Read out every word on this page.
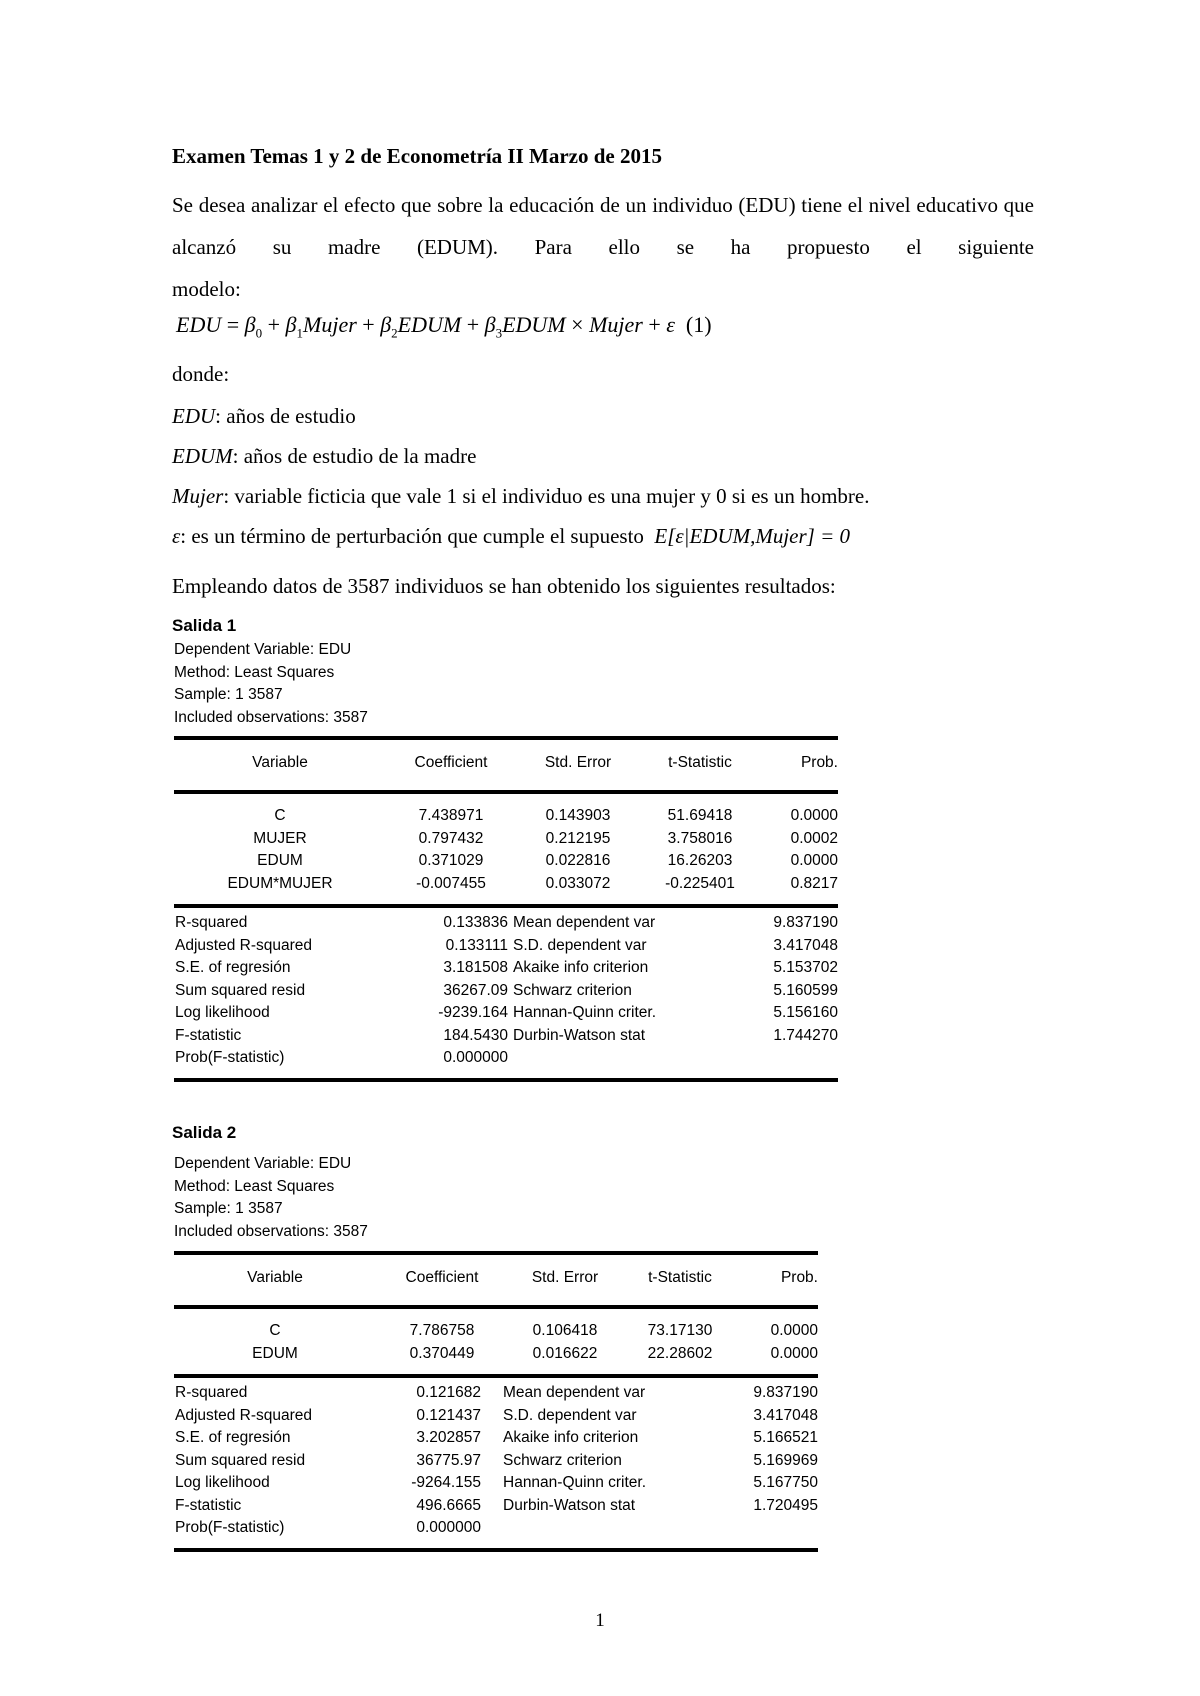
Examen Temas 1 y 2 de Econometría II Marzo de 2015
Se desea analizar el efecto que sobre la educación de un individuo (EDU) tiene el nivel educativo que alcanzó su madre (EDUM). Para ello se ha propuesto el siguiente
modelo:
EDU = $\beta_0$ + $\beta_1Mujer$ + $\beta_2EDUM$ + $\beta_3EDUM$ × Mujer + ε (1)
donde:
EDU: años de estudio
EDUM: años de estudio de la madre
Mujer: variable ficticia que vale 1 si el individuo es una mujer y 0 si es un hombre.
ε: es un término de perturbación que cumple el supuesto E[ε|EDUM,Mujer] = 0
Empleando datos de 3587 individuos se han obtenido los siguientes resultados:
Salida 1
Dependent Variable: EDU
Method: Least Squares
Sample: 1 3587
Included observations: 3587
Variable	Coefficient	Std. Error	t-Statistic	Prob.
C	7.438971	0.143903	51.69418	0.0000
MUJER	0.797432	0.212195	3.758016	0.0002
EDUM	0.371029	0.022816	16.26203	0.0000
EDUM*MUJER	-0.007455	0.033072	-0.225401	0.8217
R-squared	0.133836 Mean dependent var	9.837190
Adjusted R-squared	0.133111 S.D. dependent var	3.417048
S.E. of regresión	3.181508 Akaike info criterion	5.153702
Sum squared resid	36267.09 Schwarz criterion	5.160599
Log likelihood	-9239.164 Hannan-Quinn criter.	5.156160
F-statistic	184.5430 Durbin-Watson stat	1.744270
Prob(F-statistic)	0.000000
Salida 2
Dependent Variable: EDU
Method: Least Squares
Sample: 1 3587
Included observations: 3587
Variable	Coefficient	Std. Error	t-Statistic	Prob.
C	7.786758	0.106418	73.17130	0.0000
EDUM	0.370449	0.016622	22.28602	0.0000
R-squared	0.121682 Mean dependent var	9.837190
Adjusted R-squared	0.121437 S.D. dependent var	3.417048
S.E. of regresión	3.202857 Akaike info criterion	5.166521
Sum squared resid	36775.97 Schwarz criterion	5.169969
Log likelihood	-9264.155 Hannan-Quinn criter.	5.167750
F-statistic	496.6665 Durbin-Watson stat	1.720495
Prob(F-statistic)	0.000000
1
